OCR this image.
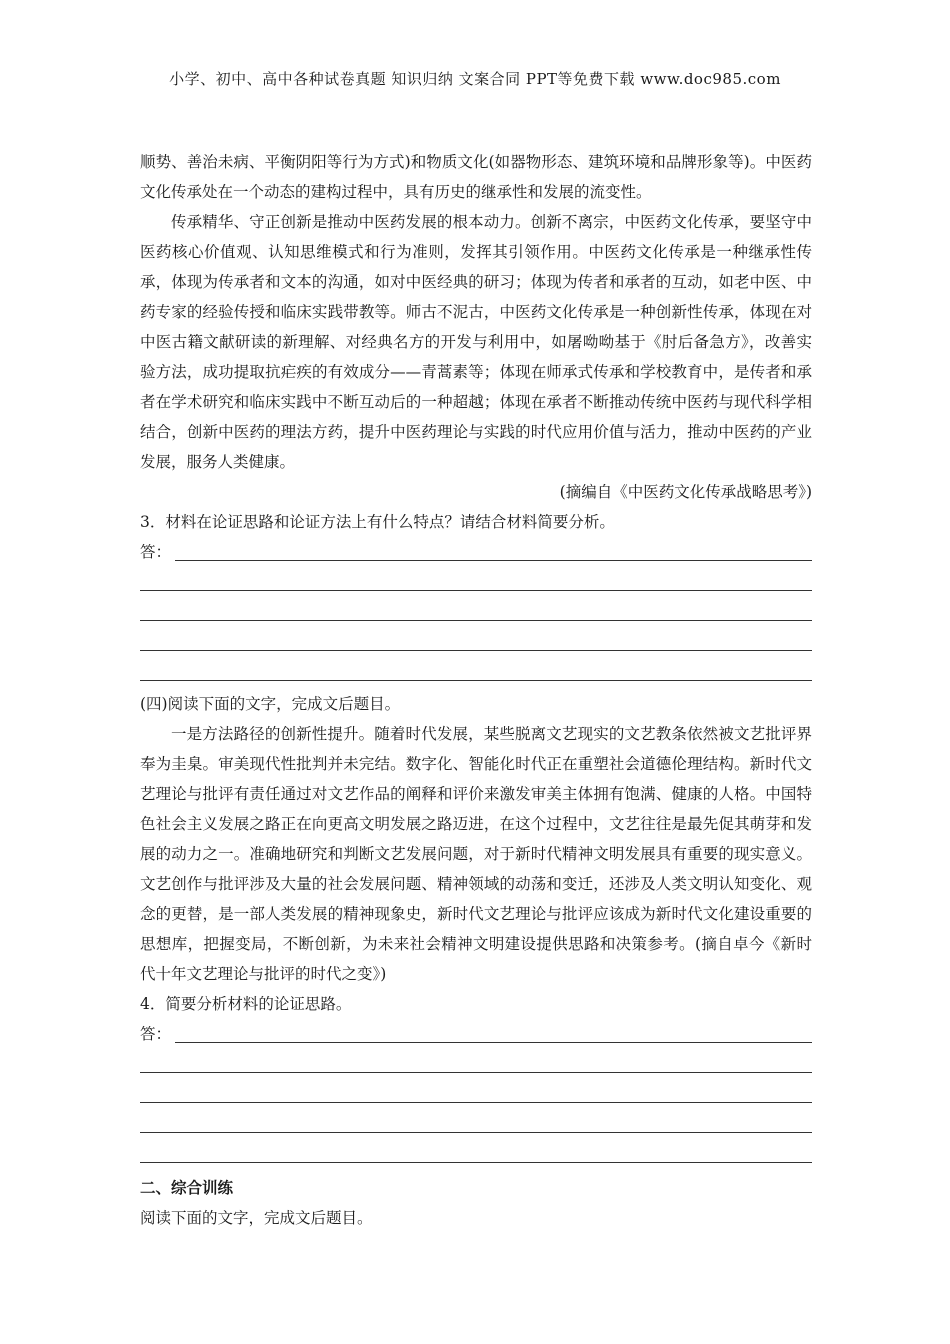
小学、初中、高中各种试卷真题 知识归纳 文案合同 PPT等免费下载 www.doc985.com

顺势、善治未病、平衡阴阳等行为方式)和物质文化(如器物形态、建筑环境和品牌形象等)。中医药文化传承处在一个动态的建构过程中，具有历史的继承性和发展的流变性。

传承精华、守正创新是推动中医药发展的根本动力。创新不离宗，中医药文化传承，要坚守中医药核心价值观、认知思维模式和行为准则，发挥其引领作用。中医药文化传承是一种继承性传承，体现为传承者和文本的沟通，如对中医经典的研习；体现为传者和承者的互动，如老中医、中药专家的经验传授和临床实践带教等。师古不泥古，中医药文化传承是一种创新性传承，体现在对中医古籍文献研读的新理解、对经典名方的开发与利用中，如屠呦呦基于《肘后备急方》，改善实验方法，成功提取抗疟疾的有效成分——青蒿素等；体现在师承式传承和学校教育中，是传者和承者在学术研究和临床实践中不断互动后的一种超越；体现在承者不断推动传统中医药与现代科学相结合，创新中医药的理法方药，提升中医药理论与实践的时代应用价值与活力，推动中医药的产业发展，服务人类健康。

(摘编自《中医药文化传承战略思考》)

3．材料在论证思路和论证方法上有什么特点？请结合材料简要分析。

答：

(四)阅读下面的文字，完成文后题目。

一是方法路径的创新性提升。随着时代发展，某些脱离文艺现实的文艺教条依然被文艺批评界奉为圭臬。审美现代性批判并未完结。数字化、智能化时代正在重塑社会道德伦理结构。新时代文艺理论与批评有责任通过对文艺作品的阐释和评价来激发审美主体拥有饱满、健康的人格。中国特色社会主义发展之路正在向更高文明发展之路迈进，在这个过程中，文艺往往是最先促其萌芽和发展的动力之一。准确地研究和判断文艺发展问题，对于新时代精神文明发展具有重要的现实意义。文艺创作与批评涉及大量的社会发展问题、精神领域的动荡和变迁，还涉及人类文明认知变化、观念的更替，是一部人类发展的精神现象史，新时代文艺理论与批评应该成为新时代文化建设重要的思想库，把握变局，不断创新，为未来社会精神文明建设提供思路和决策参考。(摘自卓今《新时代十年文艺理论与批评的时代之变》)

4．简要分析材料的论证思路。

答：

二、综合训练

阅读下面的文字，完成文后题目。
